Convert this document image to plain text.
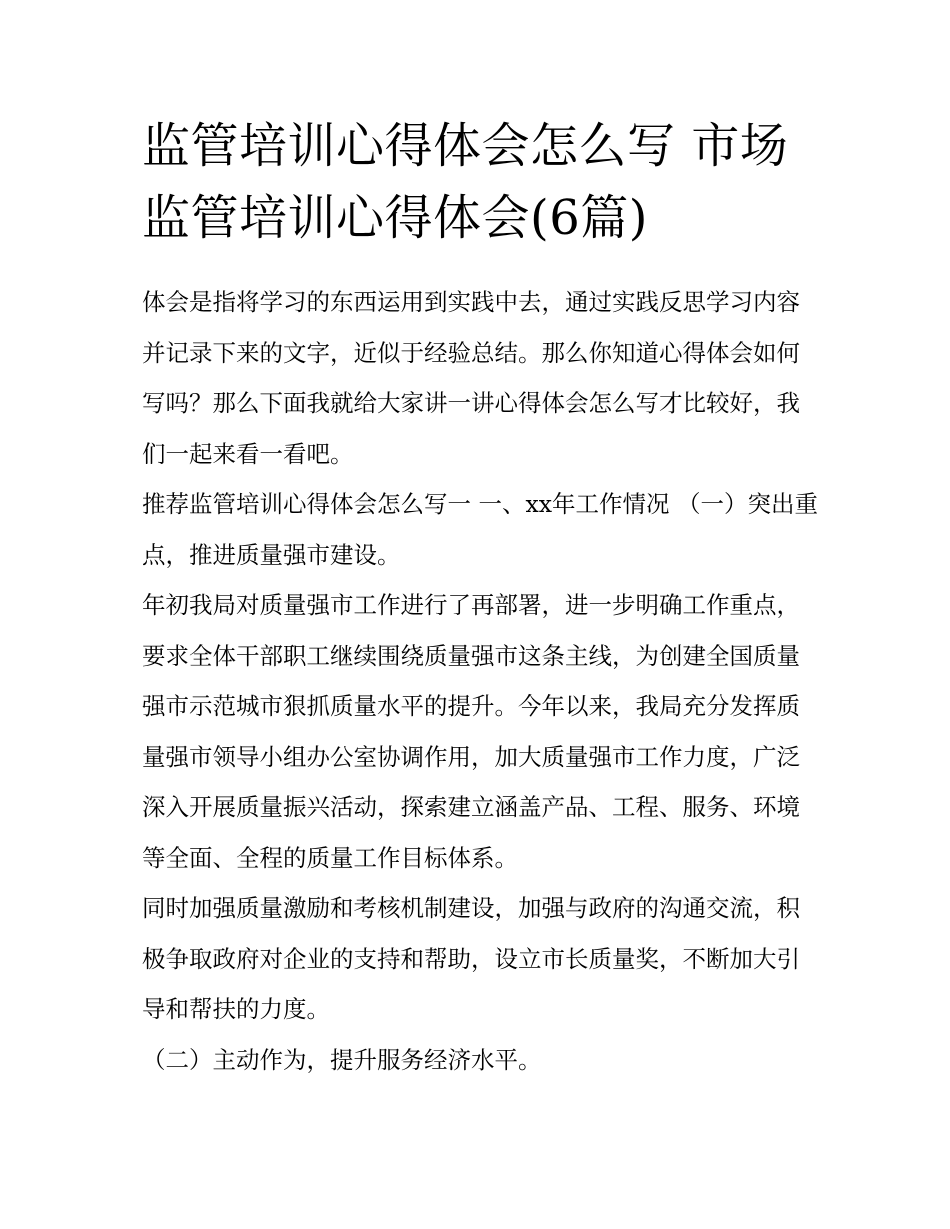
监管培训心得体会怎么写 市场监管培训心得体会(6篇)

体会是指将学习的东西运用到实践中去，通过实践反思学习内容并记录下来的文字，近似于经验总结。那么你知道心得体会如何写吗？那么下面我就给大家讲一讲心得体会怎么写才比较好，我们一起来看一看吧。

推荐监管培训心得体会怎么写一 一、xx年工作情况 （一）突出重点，推进质量强市建设。

年初我局对质量强市工作进行了再部署，进一步明确工作重点，要求全体干部职工继续围绕质量强市这条主线，为创建全国质量强市示范城市狠抓质量水平的提升。今年以来，我局充分发挥质量强市领导小组办公室协调作用，加大质量强市工作力度，广泛深入开展质量振兴活动，探索建立涵盖产品、工程、服务、环境等全面、全程的质量工作目标体系。

同时加强质量激励和考核机制建设，加强与政府的沟通交流，积极争取政府对企业的支持和帮助，设立市长质量奖，不断加大引导和帮扶的力度。

（二）主动作为，提升服务经济水平。
